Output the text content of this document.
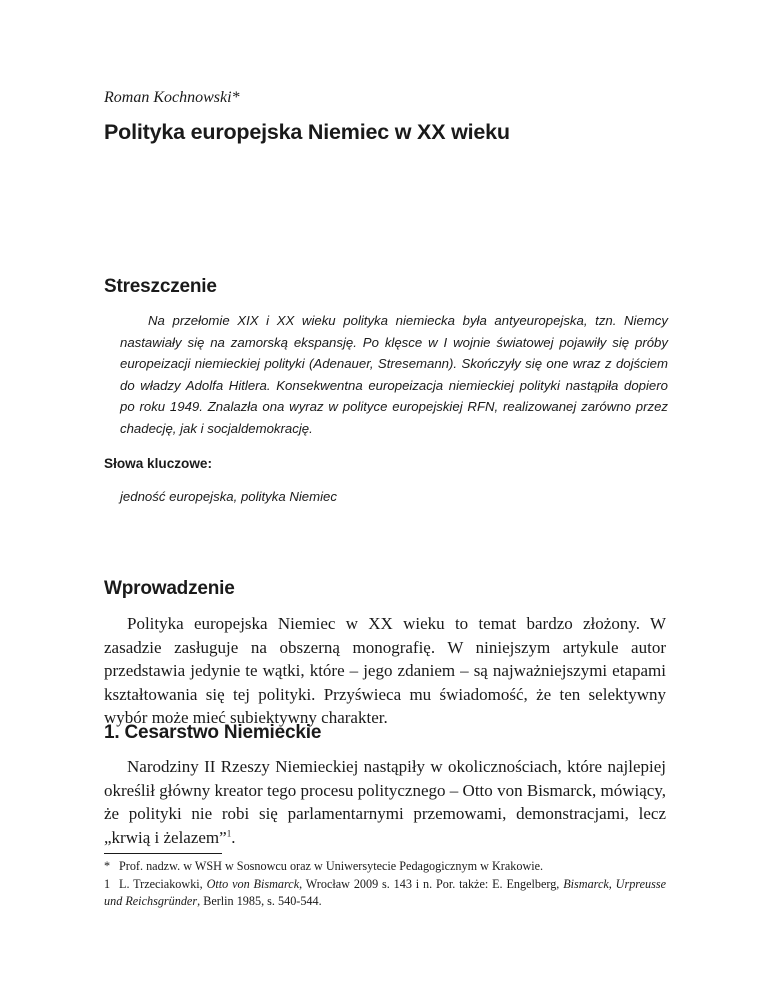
Roman Kochnowski*
Polityka europejska Niemiec w XX wieku
Streszczenie

Na przełomie XIX i XX wieku polityka niemiecka była antyeuropejska, tzn. Niemcy nastawiały się na zamorską ekspansję. Po klęsce w I wojnie światowej pojawiły się próby europeizacji niemieckiej polityki (Adenauer, Stresemann). Skończyły się one wraz z dojściem do władzy Adolfa Hitlera. Konsekwentna europeizacja niemieckiej polityki nastąpiła dopiero po roku 1949. Znalazła ona wyraz w polityce europejskiej RFN, realizowanej zarówno przez chadecję, jak i socjaldemokrację.

Słowa kluczowe:
jedność europejska, polityka Niemiec
Wprowadzenie

Polityka europejska Niemiec w XX wieku to temat bardzo złożony. W zasadzie zasługuje na obszerną monografię. W niniejszym artykule autor przedstawia jedynie te wątki, które – jego zdaniem – są najważniejszymi etapami kształtowania się tej polityki. Przyświeca mu świadomość, że ten selektywny wybór może mieć subiektywny charakter.

1. Cesarstwo Niemieckie

Narodziny II Rzeszy Niemieckiej nastąpiły w okolicznościach, które najlepiej określił główny kreator tego procesu politycznego – Otto von Bismarck, mówiący, że polityki nie robi się parlamentarnymi przemowami, demonstracjami, lecz „krwią i żelazem”$^1$.

* Prof. nadzw. w WSH w Sosnowcu oraz w Uniwersytecie Pedagogicznym w Krakowie.

1 L. Trzeciakowki, Otto von Bismarck, Wrocław 2009 s. 143 i n. Por. także: E. Engelberg, Bismarck, Urpreusse und Reichsgründer, Berlin 1985, s. 540-544.
